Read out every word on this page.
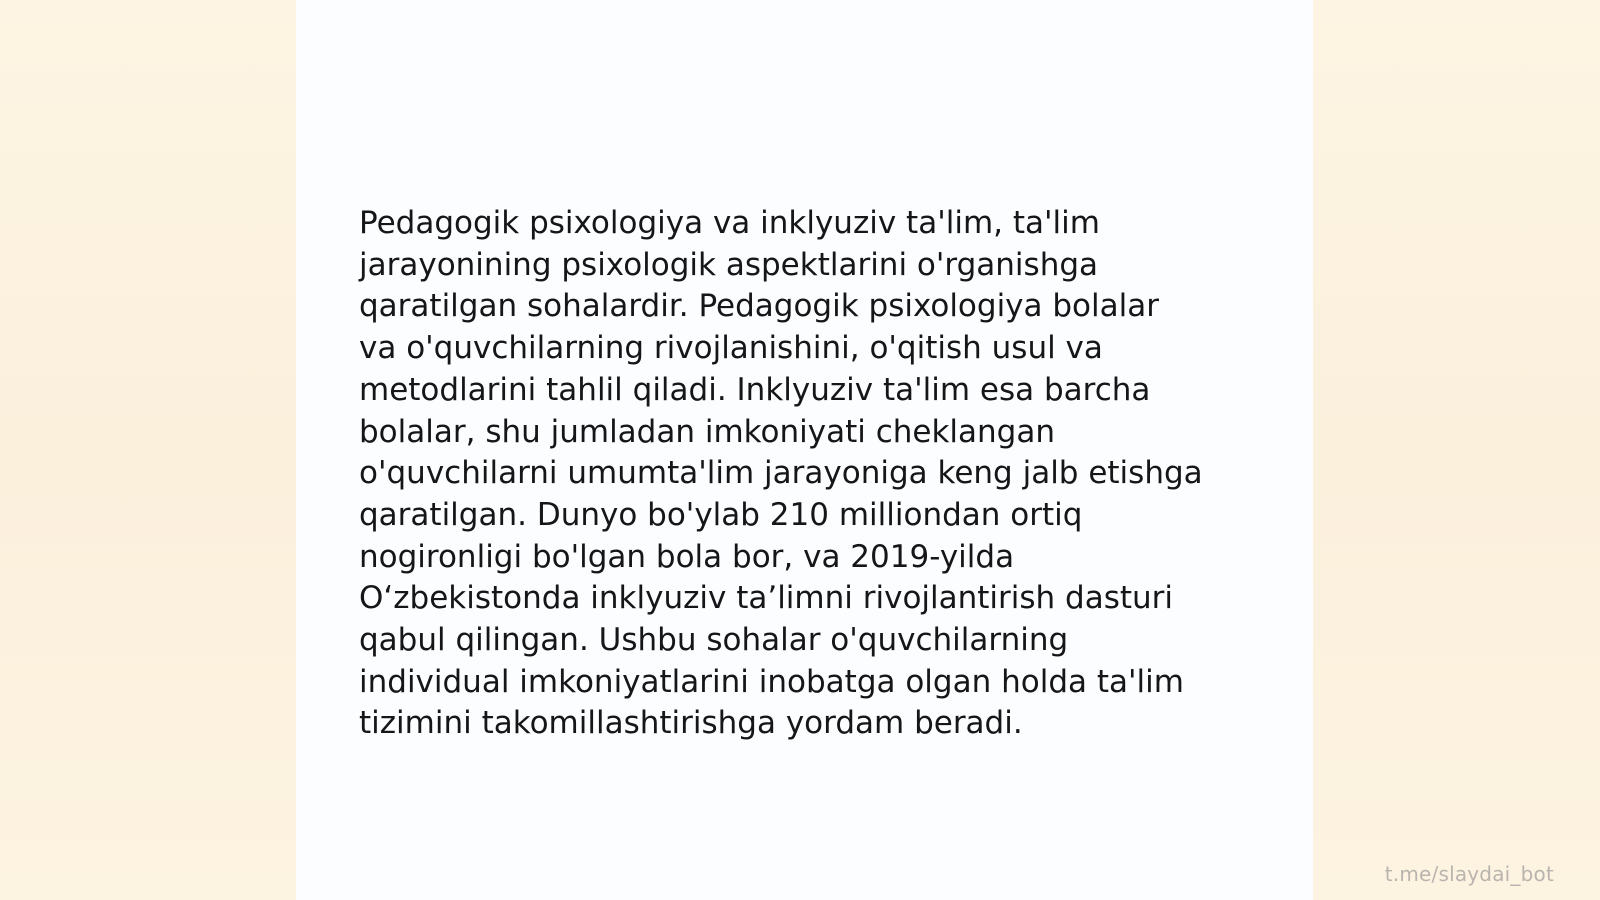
Pedagogik psixologiya va inklyuziv ta'lim, ta'lim
jarayonining psixologik aspektlarini o'rganishga
qaratilgan sohalardir. Pedagogik psixologiya bolalar
va o'quvchilarning rivojlanishini, o'qitish usul va
metodlarini tahlil qiladi. Inklyuziv ta'lim esa barcha
bolalar, shu jumladan imkoniyati cheklangan
o'quvchilarni umumta'lim jarayoniga keng jalb etishga
qaratilgan. Dunyo bo'ylab 210 milliondan ortiq
nogironligi bo'lgan bola bor, va 2019-yilda
O‘zbekistonda inklyuziv ta’limni rivojlantirish dasturi
qabul qilingan. Ushbu sohalar o'quvchilarning
individual imkoniyatlarini inobatga olgan holda ta'lim
tizimini takomillashtirishga yordam beradi.

t.me/slaydai_bot
